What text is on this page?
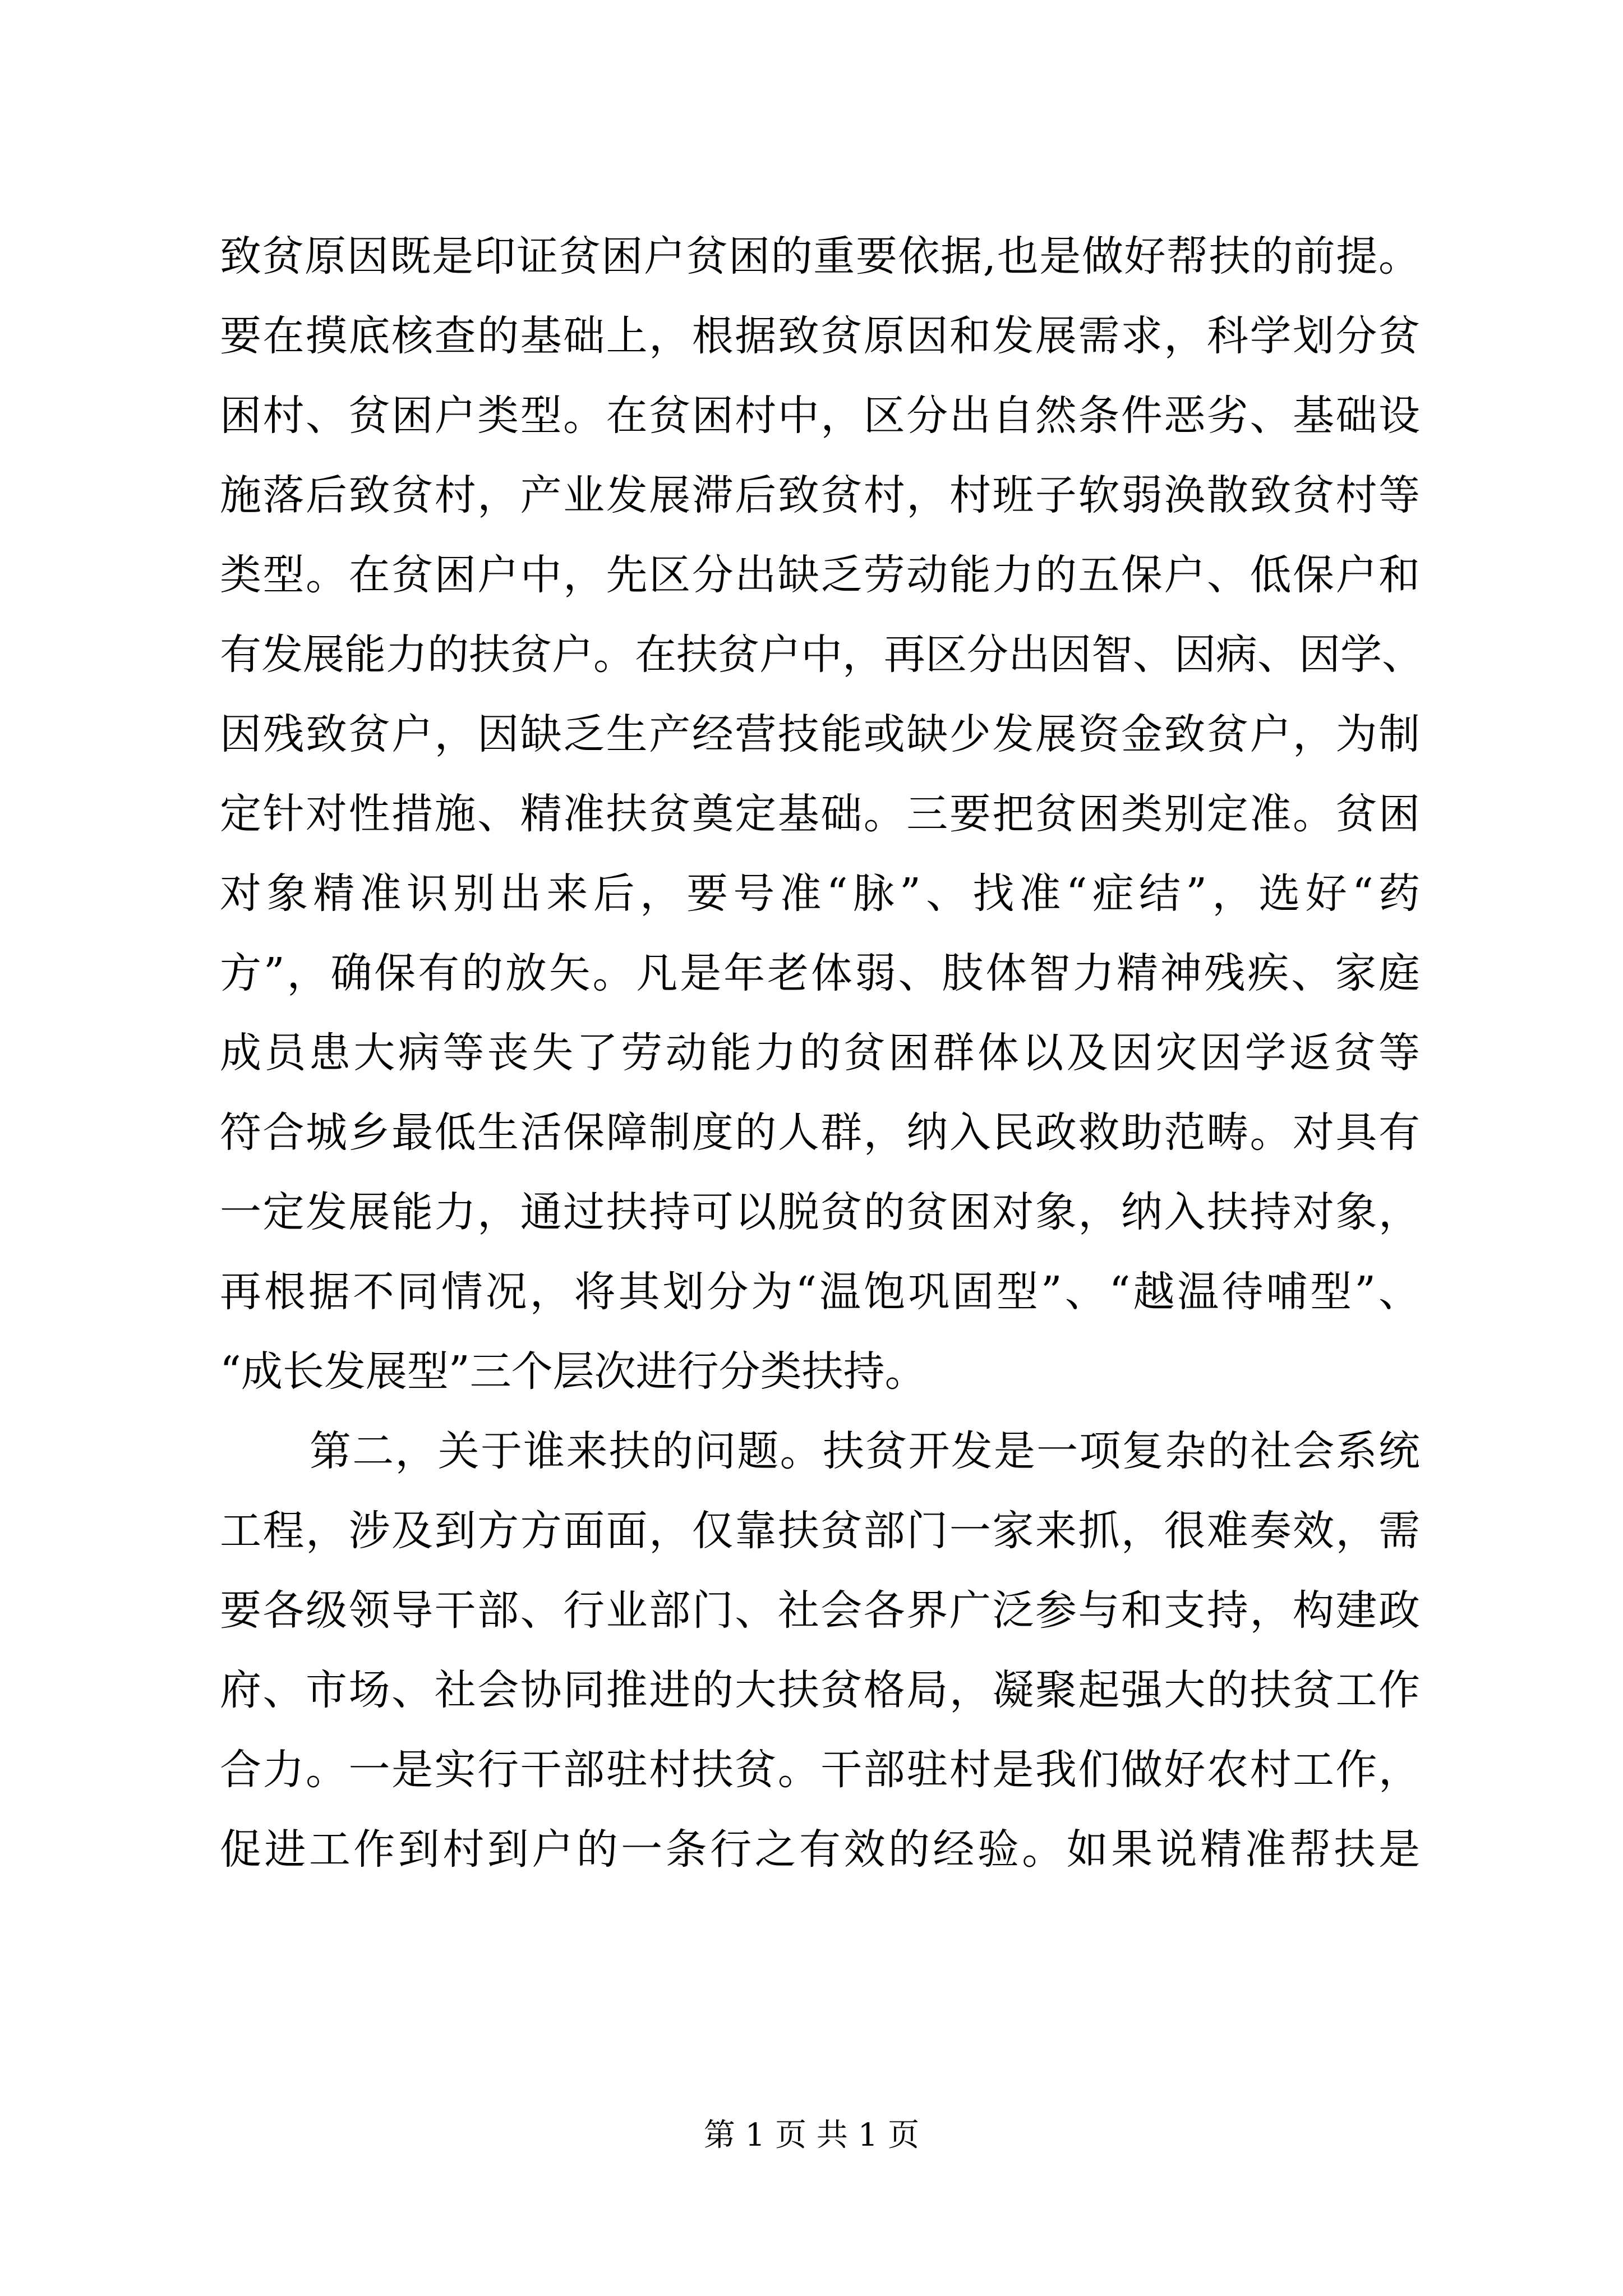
致贫原因既是印证贫困户贫困的重要依据,也是做好帮扶的前提。
要在摸底核查的基础上，根据致贫原因和发展需求，科学划分贫
困村、贫困户类型。在贫困村中，区分出自然条件恶劣、基础设
施落后致贫村，产业发展滞后致贫村，村班子软弱涣散致贫村等
类型。在贫困户中，先区分出缺乏劳动能力的五保户、低保户和
有发展能力的扶贫户。在扶贫户中，再区分出因智、因病、因学、
因残致贫户，因缺乏生产经营技能或缺少发展资金致贫户，为制
定针对性措施、精准扶贫奠定基础。三要把贫困类别定准。贫困
对象精准识别出来后，要号准“脉”、找准“症结”，选好“药
方”，确保有的放矢。凡是年老体弱、肢体智力精神残疾、家庭
成员患大病等丧失了劳动能力的贫困群体以及因灾因学返贫等
符合城乡最低生活保障制度的人群，纳入民政救助范畴。对具有
一定发展能力，通过扶持可以脱贫的贫困对象，纳入扶持对象，
再根据不同情况，将其划分为“温饱巩固型”、“越温待哺型”、
“成长发展型”三个层次进行分类扶持。
第二，关于谁来扶的问题。扶贫开发是一项复杂的社会系统
工程，涉及到方方面面，仅靠扶贫部门一家来抓，很难奏效，需
要各级领导干部、行业部门、社会各界广泛参与和支持，构建政
府、市场、社会协同推进的大扶贫格局，凝聚起强大的扶贫工作
合力。一是实行干部驻村扶贫。干部驻村是我们做好农村工作，
促进工作到村到户的一条行之有效的经验。如果说精准帮扶是
第 1 页 共 1 页
